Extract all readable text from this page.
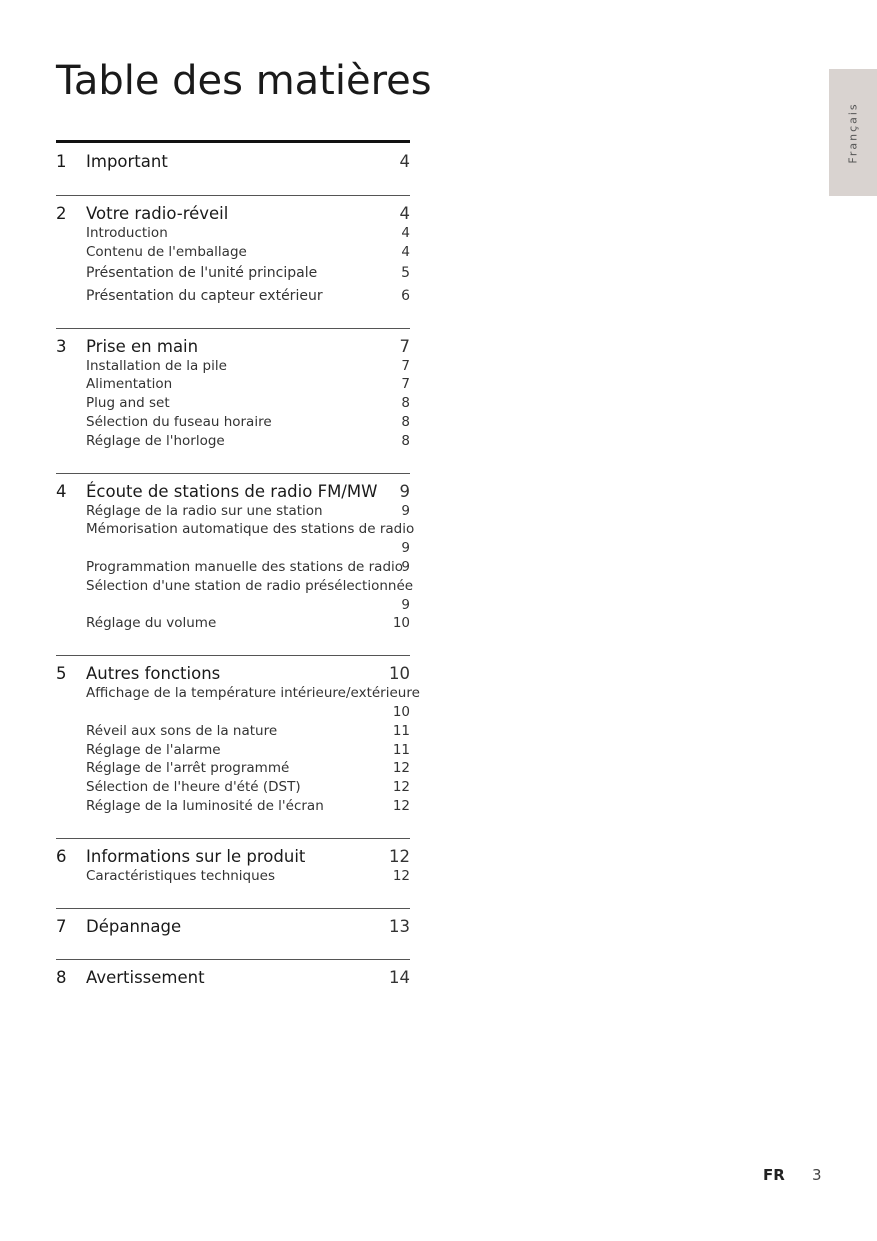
Table des matières
Français
1 Important	4
2 Votre radio-réveil	4
Introduction	4
Contenu de l'emballage	4
Présentation de l'unité principale	5
Présentation du capteur extérieur	6
3 Prise en main	7
Installation de la pile	7
Alimentation	7
Plug and set	8
Sélection du fuseau horaire	8
Réglage de l'horloge	8
4 Écoute de stations de radio FM/MW 9
Réglage de la radio sur une station	9
Mémorisation automatique des stations de radio
9
Programmation manuelle des stations de radio
9
Sélection d'une station de radio présélectionnée
9
Réglage du volume	10
5 Autres fonctions	10
Affichage de la température intérieure/extérieure
10
Réveil aux sons de la nature	11
Réglage de l'alarme	11
Réglage de l'arrêt programmé	12
Sélection de l'heure d'été (DST)	12
Réglage de la luminosité de l'écran	12
6 Informations sur le produit	12
Caractéristiques techniques	12
7 Dépannage	13
8 Avertissement	14
FR 3
